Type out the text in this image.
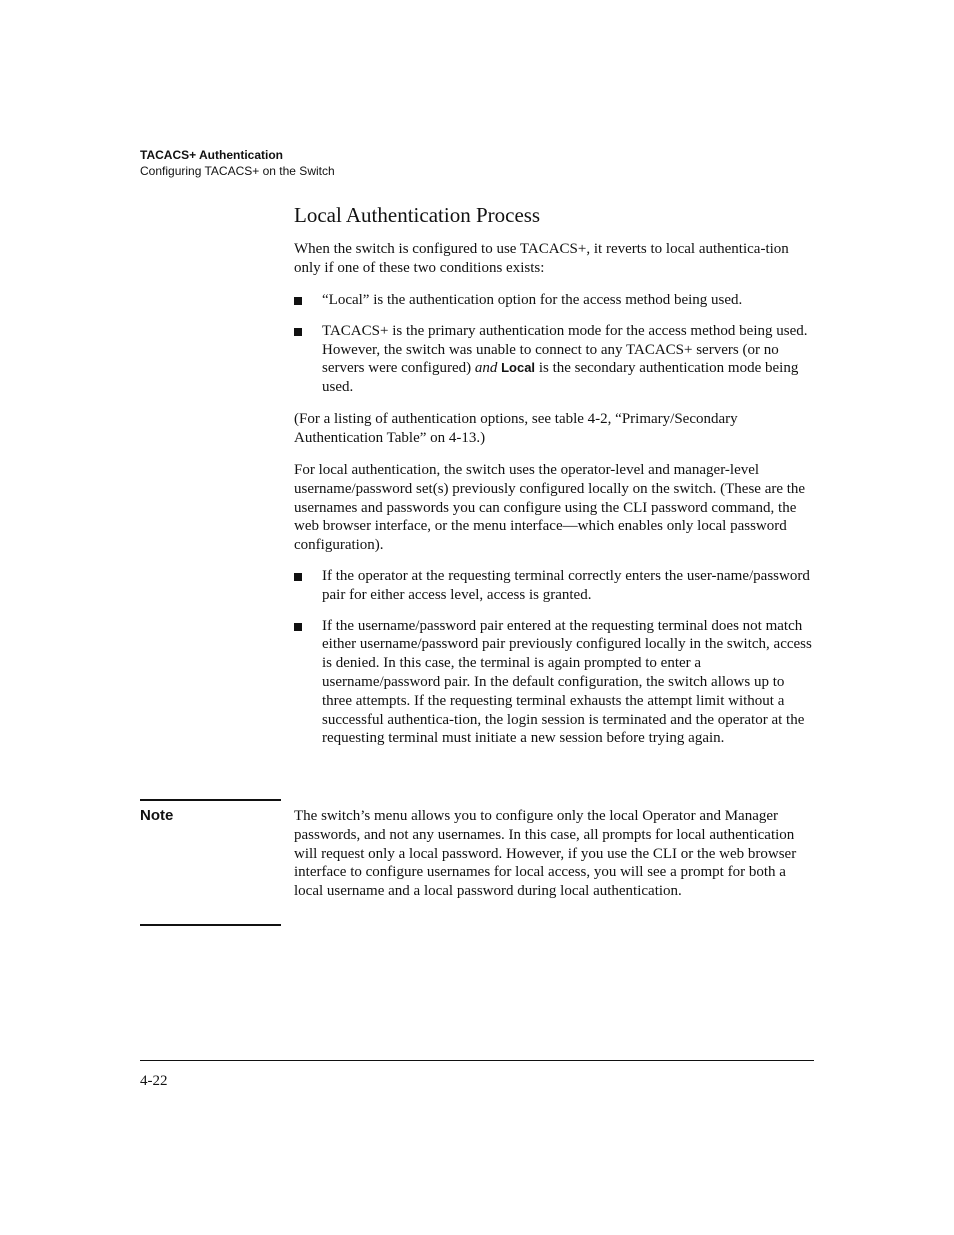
TACACS+ Authentication
Configuring TACACS+ on the Switch
Local Authentication Process

When the switch is configured to use TACACS+, it reverts to local authentica-tion only if one of these two conditions exists:

“Local” is the authentication option for the access method being used.
TACACS+ is the primary authentication mode for the access method being used. However, the switch was unable to connect to any TACACS+ servers (or no servers were configured) and Local is the secondary authentication mode being used.

(For a listing of authentication options, see table 4-2, “Primary/Secondary Authentication Table” on 4-13.)

For local authentication, the switch uses the operator-level and manager-level username/password set(s) previously configured locally on the switch. (These are the usernames and passwords you can configure using the CLI password command, the web browser interface, or the menu interface—which enables only local password configuration).

If the operator at the requesting terminal correctly enters the user-name/password pair for either access level, access is granted.
If the username/password pair entered at the requesting terminal does not match either username/password pair previously configured locally in the switch, access is denied. In this case, the terminal is again prompted to enter a username/password pair. In the default configuration, the switch allows up to three attempts. If the requesting terminal exhausts the attempt limit without a successful authentica-tion, the login session is terminated and the operator at the requesting terminal must initiate a new session before trying again.
Note	The switch’s menu allows you to configure only the local Operator and Manager passwords, and not any usernames. In this case, all prompts for local authentication will request only a local password. However, if you use the CLI or the web browser interface to configure usernames for local access, you will see a prompt for both a local username and a local password during local authentication.

4-22
